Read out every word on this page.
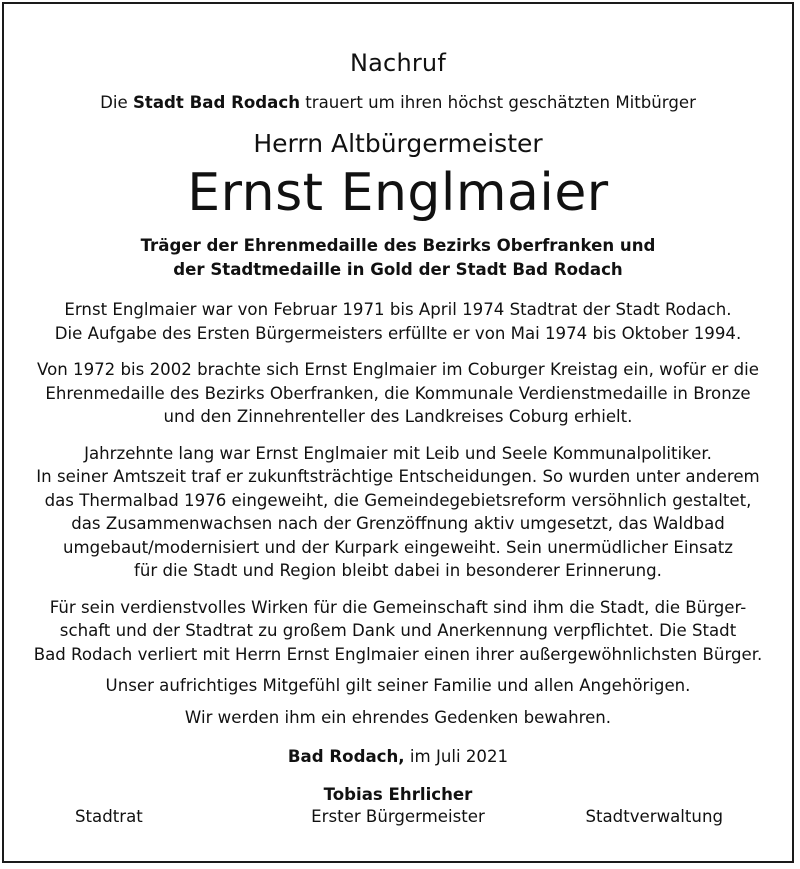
Nachruf
Die Stadt Bad Rodach trauert um ihren höchst geschätzten Mitbürger
Herrn Altbürgermeister
Ernst Englmaier
Träger der Ehrenmedaille des Bezirks Oberfranken und
der Stadtmedaille in Gold der Stadt Bad Rodach
Ernst Englmaier war von Februar 1971 bis April 1974 Stadtrat der Stadt Rodach.
Die Aufgabe des Ersten Bürgermeisters erfüllte er von Mai 1974 bis Oktober 1994.
Von 1972 bis 2002 brachte sich Ernst Englmaier im Coburger Kreistag ein, wofür er die
Ehrenmedaille des Bezirks Oberfranken, die Kommunale Verdienstmedaille in Bronze
und den Zinnehrenteller des Landkreises Coburg erhielt.
Jahrzehnte lang war Ernst Englmaier mit Leib und Seele Kommunalpolitiker.
In seiner Amtszeit traf er zukunftsträchtige Entscheidungen. So wurden unter anderem
das Thermalbad 1976 eingeweiht, die Gemeindegebietsreform versöhnlich gestaltet,
das Zusammenwachsen nach der Grenzöffnung aktiv umgesetzt, das Waldbad
umgebaut/modernisiert und der Kurpark eingeweiht. Sein unermüdlicher Einsatz
für die Stadt und Region bleibt dabei in besonderer Erinnerung.
Für sein verdienstvolles Wirken für die Gemeinschaft sind ihm die Stadt, die Bürger-
schaft und der Stadtrat zu großem Dank und Anerkennung verpflichtet. Die Stadt
Bad Rodach verliert mit Herrn Ernst Englmaier einen ihrer außergewöhnlichsten Bürger.
Unser aufrichtiges Mitgefühl gilt seiner Familie und allen Angehörigen.
Wir werden ihm ein ehrendes Gedenken bewahren.
Bad Rodach, im Juli 2021
Tobias Ehrlicher
Stadtrat	Erster Bürgermeister	Stadtverwaltung
